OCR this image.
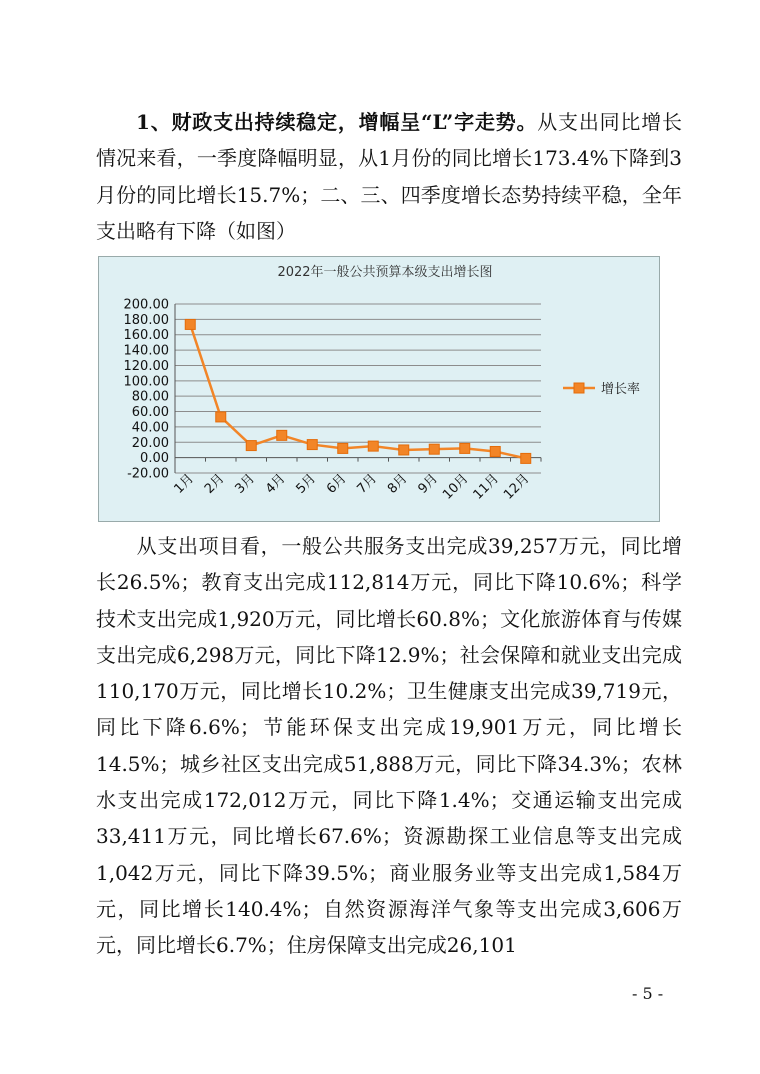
1、财政支出持续稳定，增幅呈“L”字走势。从支出同比增长情况来看，一季度降幅明显，从1月份的同比增长173.4%下降到3月份的同比增长15.7%；二、三、四季度增长态势持续平稳，全年支出略有下降（如图）

2022年一般公共预算本级支出增长图
200.00
180.00
160.00
140.00
120.00
100.00
80.00
60.00
40.00
20.00
0.00
-20.00 1月 2月 3月 4月 5月 6月 7月 8月 9月 10月 11月 12月
增长率

从支出项目看，一般公共服务支出完成39,257万元，同比增长26.5%；教育支出完成112,814万元，同比下降10.6%；科学技术支出完成1,920万元，同比增长60.8%；文化旅游体育与传媒支出完成6,298万元，同比下降12.9%；社会保障和就业支出完成110,170万元，同比增长10.2%；卫生健康支出完成39,719元，同比下降6.6%；节能环保支出完成19,901万元，同比增长14.5%；城乡社区支出完成51,888万元，同比下降34.3%；农林水支出完成172,012万元，同比下降1.4%；交通运输支出完成33,411万元，同比增长67.6%；资源勘探工业信息等支出完成1,042万元，同比下降39.5%；商业服务业等支出完成1,584万元，同比增长140.4%；自然资源海洋气象等支出完成3,606万元，同比增长6.7%；住房保障支出完成26,101

- 5 -
